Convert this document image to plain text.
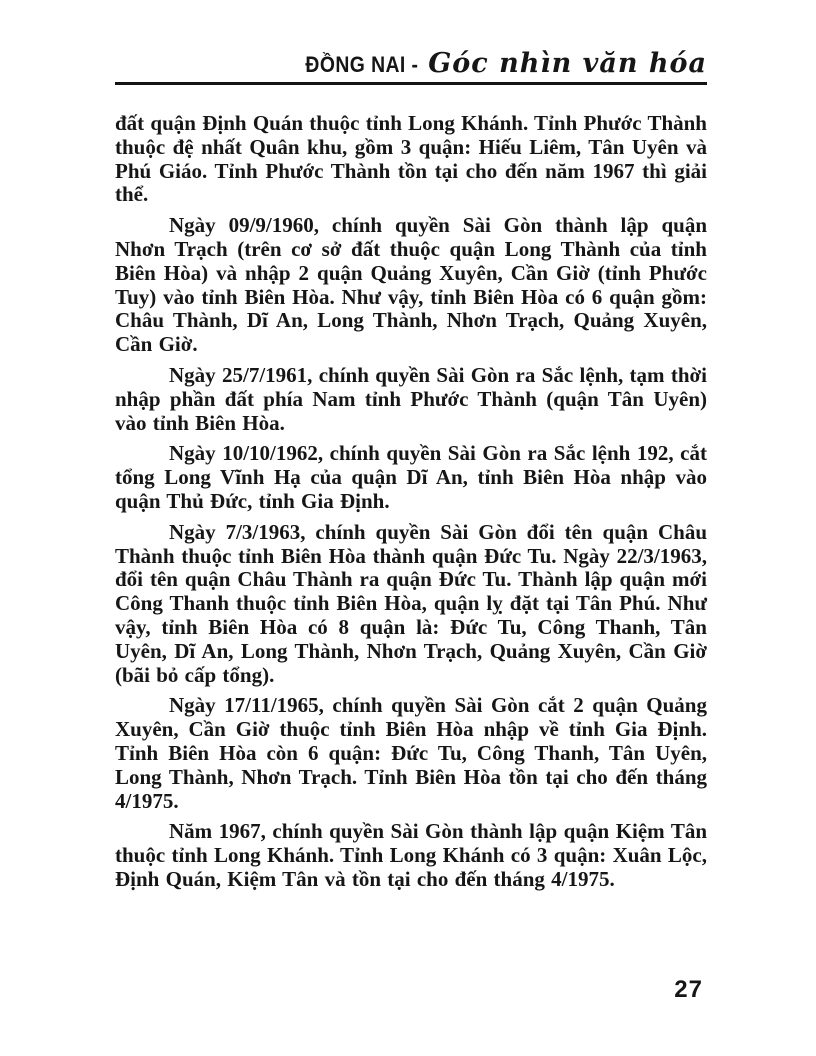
ĐỒNG NAI - Góc nhìn văn hóa

đất quận Định Quán thuộc tỉnh Long Khánh. Tỉnh Phước Thành thuộc đệ nhất Quân khu, gồm 3 quận: Hiếu Liêm, Tân Uyên và Phú Giáo. Tỉnh Phước Thành tồn tại cho đến năm 1967 thì giải thể.

Ngày 09/9/1960, chính quyền Sài Gòn thành lập quận Nhơn Trạch (trên cơ sở đất thuộc quận Long Thành của tỉnh Biên Hòa) và nhập 2 quận Quảng Xuyên, Cần Giờ (tỉnh Phước Tuy) vào tỉnh Biên Hòa. Như vậy, tỉnh Biên Hòa có 6 quận gồm: Châu Thành, Dĩ An, Long Thành, Nhơn Trạch, Quảng Xuyên, Cần Giờ.

Ngày 25/7/1961, chính quyền Sài Gòn ra Sắc lệnh, tạm thời nhập phần đất phía Nam tỉnh Phước Thành (quận Tân Uyên) vào tỉnh Biên Hòa.

Ngày 10/10/1962, chính quyền Sài Gòn ra Sắc lệnh 192, cắt tổng Long Vĩnh Hạ của quận Dĩ An, tỉnh Biên Hòa nhập vào quận Thủ Đức, tỉnh Gia Định.

Ngày 7/3/1963, chính quyền Sài Gòn đổi tên quận Châu Thành thuộc tỉnh Biên Hòa thành quận Đức Tu. Ngày 22/3/1963, đổi tên quận Châu Thành ra quận Đức Tu. Thành lập quận mới Công Thanh thuộc tỉnh Biên Hòa, quận lỵ đặt tại Tân Phú. Như vậy, tỉnh Biên Hòa có 8 quận là: Đức Tu, Công Thanh, Tân Uyên, Dĩ An, Long Thành, Nhơn Trạch, Quảng Xuyên, Cần Giờ (bãi bỏ cấp tổng).

Ngày 17/11/1965, chính quyền Sài Gòn cắt 2 quận Quảng Xuyên, Cần Giờ thuộc tỉnh Biên Hòa nhập về tỉnh Gia Định. Tỉnh Biên Hòa còn 6 quận: Đức Tu, Công Thanh, Tân Uyên, Long Thành, Nhơn Trạch. Tỉnh Biên Hòa tồn tại cho đến tháng 4/1975.

Năm 1967, chính quyền Sài Gòn thành lập quận Kiệm Tân thuộc tỉnh Long Khánh. Tỉnh Long Khánh có 3 quận: Xuân Lộc, Định Quán, Kiệm Tân và tồn tại cho đến tháng 4/1975.

27
